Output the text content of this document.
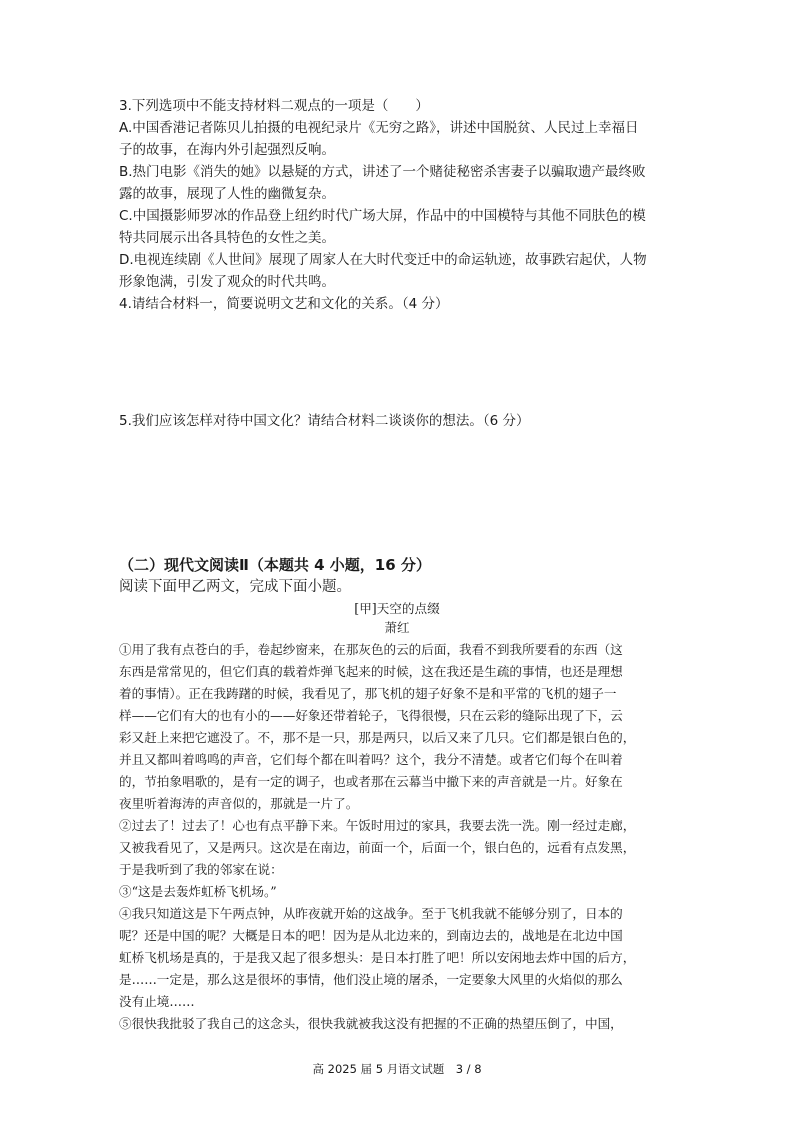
3.下列选项中不能支持材料二观点的一项是（　　）
A.中国香港记者陈贝儿拍摄的电视纪录片《无穷之路》，讲述中国脱贫、人民过上幸福日
子的故事，在海内外引起强烈反响。
B.热门电影《消失的她》以悬疑的方式，讲述了一个赌徒秘密杀害妻子以骗取遗产最终败
露的故事，展现了人性的幽微复杂。
C.中国摄影师罗冰的作品登上纽约时代广场大屏，作品中的中国模特与其他不同肤色的模
特共同展示出各具特色的女性之美。
D.电视连续剧《人世间》展现了周家人在大时代变迁中的命运轨迹，故事跌宕起伏，人物
形象饱满，引发了观众的时代共鸣。
4.请结合材料一，简要说明文艺和文化的关系。（4 分）
5.我们应该怎样对待中国文化？请结合材料二谈谈你的想法。（6 分）
（二）现代文阅读Ⅱ（本题共 4 小题，16 分）
阅读下面甲乙两文，完成下面小题。
[甲]天空的点缀
萧红
①用了我有点苍白的手，卷起纱窗来，在那灰色的云的后面，我看不到我所要看的东西（这
东西是常常见的，但它们真的载着炸弹飞起来的时候，这在我还是生疏的事情，也还是理想
着的事情）。正在我踌躇的时候，我看见了，那飞机的翅子好象不是和平常的飞机的翅子一
样——它们有大的也有小的——好象还带着轮子，飞得很慢，只在云彩的缝际出现了下，云
彩又赶上来把它遮没了。不，那不是一只，那是两只，以后又来了几只。它们都是银白色的，
并且又都叫着鸣鸣的声音，它们每个都在叫着吗？这个，我分不清楚。或者它们每个在叫着
的，节拍象唱歌的，是有一定的调子，也或者那在云幕当中撤下来的声音就是一片。好象在
夜里听着海涛的声音似的，那就是一片了。
②过去了！过去了！心也有点平静下来。午饭时用过的家具，我要去洗一洗。刚一经过走廊，
又被我看见了，又是两只。这次是在南边，前面一个，后面一个，银白色的，远看有点发黑，
于是我听到了我的邻家在说：
③“这是去轰炸虹桥飞机场。”
④我只知道这是下午两点钟，从昨夜就开始的这战争。至于飞机我就不能够分别了，日本的
呢？还是中国的呢？大概是日本的吧！因为是从北边来的，到南边去的，战地是在北边中国
虹桥飞机场是真的，于是我又起了很多想头：是日本打胜了吧！所以安闲地去炸中国的后方，
是……一定是，那么这是很坏的事情，他们没止境的屠杀，一定要象大风里的火焰似的那么
没有止境……
⑤很快我批驳了我自己的这念头，很快我就被我这没有把握的不正确的热望压倒了，中国，
高 2025 届 5 月语文试题　3 / 8
